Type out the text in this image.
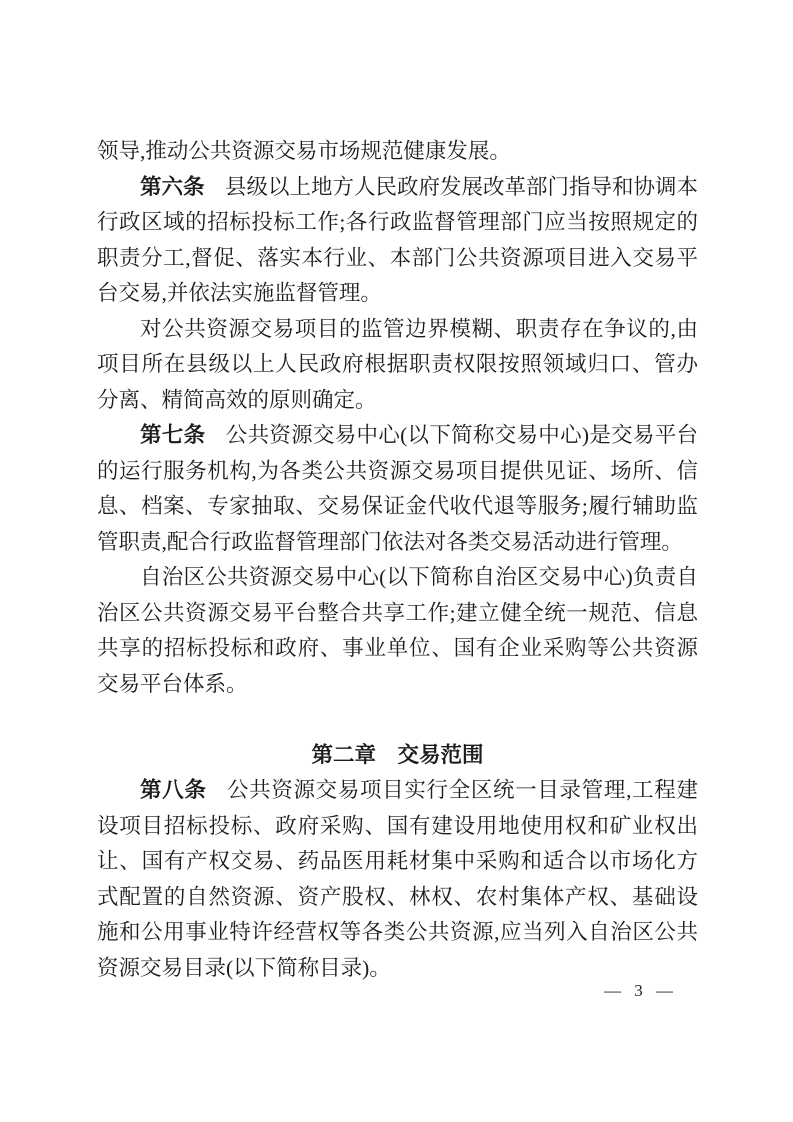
领导,推动公共资源交易市场规范健康发展。

第六条 县级以上地方人民政府发展改革部门指导和协调本行政区域的招标投标工作;各行政监督管理部门应当按照规定的职责分工,督促、落实本行业、本部门公共资源项目进入交易平台交易,并依法实施监督管理。

对公共资源交易项目的监管边界模糊、职责存在争议的,由项目所在县级以上人民政府根据职责权限按照领域归口、管办分离、精简高效的原则确定。

第七条 公共资源交易中心(以下简称交易中心)是交易平台的运行服务机构,为各类公共资源交易项目提供见证、场所、信息、档案、专家抽取、交易保证金代收代退等服务;履行辅助监管职责,配合行政监督管理部门依法对各类交易活动进行管理。

自治区公共资源交易中心(以下简称自治区交易中心)负责自治区公共资源交易平台整合共享工作;建立健全统一规范、信息共享的招标投标和政府、事业单位、国有企业采购等公共资源交易平台体系。

第二章　交易范围

第八条 公共资源交易项目实行全区统一目录管理,工程建设项目招标投标、政府采购、国有建设用地使用权和矿业权出让、国有产权交易、药品医用耗材集中采购和适合以市场化方式配置的自然资源、资产股权、林权、农村集体产权、基础设施和公用事业特许经营权等各类公共资源,应当列入自治区公共资源交易目录(以下简称目录)。

— 3 —
